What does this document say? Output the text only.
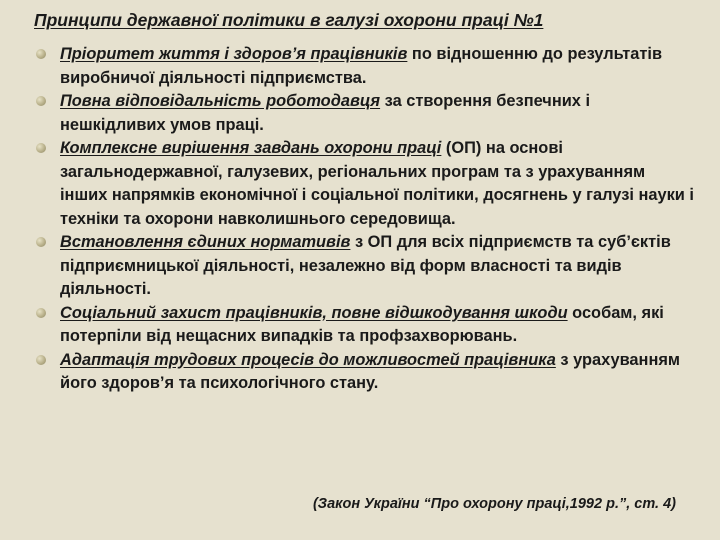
Принципи державної політики в галузі охорони праці №1
Пріоритет життя і здоров’я працівників по відношенню до результатів виробничої діяльності підприємства.
Повна відповідальність роботодавця за створення безпечних і нешкідливих умов праці.
Комплексне вирішення завдань охорони праці (ОП) на основі загальнодержавної, галузевих, регіональних програм та з урахуванням інших напрямків економічної і соціальної політики, досягнень у галузі науки і техніки та охорони навколишнього середовища.
Встановлення єдиних нормативів з ОП для всіх підприємств та суб’єктів підприємницької діяльності, незалежно від форм власності та видів діяльності.
Соціальний захист працівників, повне відшкодування шкоди особам, які потерпіли від нещасних випадків та профзахворювань.
Адаптація трудових процесів до можливостей працівника з урахуванням його здоров’я та психологічного стану.
(Закон України “Про охорону праці,1992 р.”, ст. 4)
